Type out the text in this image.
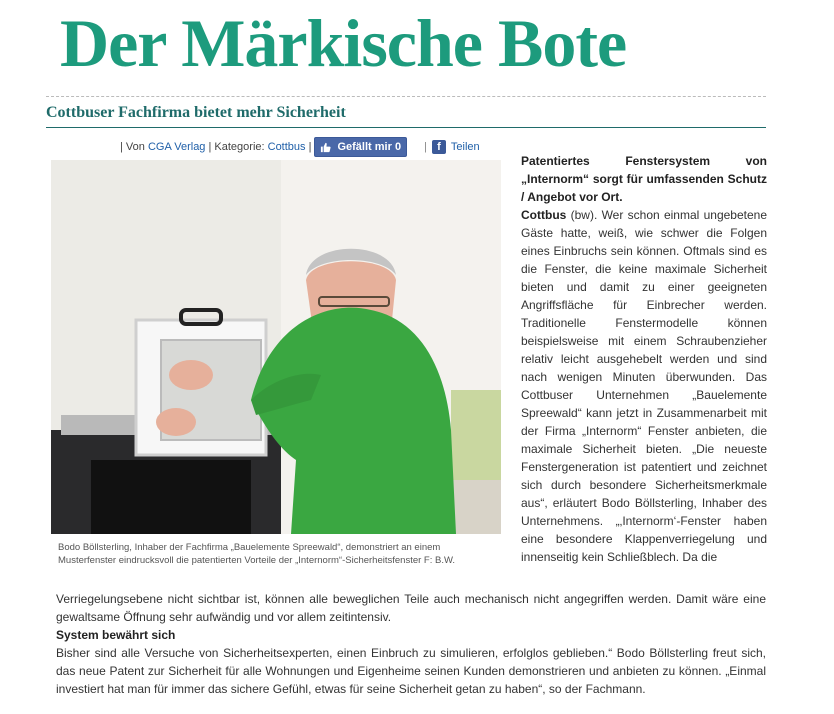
Der Märkische Bote
Cottbuser Fachfirma bietet mehr Sicherheit
| Von
CGA Verlag
| Kategorie:
Cottbus
| Gefällt mir
0 | f Teilen
Bodo Böllsterling, Inhaber der Fachfirma „Bauelemente Spreewald“, demonstriert an einem Musterfenster eindrucksvoll die patentierten Vorteile der „Internorm“-Sicherheitsfenster F: B.W.
Patentiertes Fenstersystem von „Internorm“ sorgt für umfassenden Schutz / Angebot vor Ort.
Cottbus (bw). Wer schon einmal ungebetene Gäste hatte, weiß, wie schwer die Folgen eines Einbruchs sein können. Oftmals sind es die Fenster, die keine maximale Sicherheit bieten und damit zu einer geeigneten Angriffsfläche für Einbrecher werden. Traditionelle Fenstermodelle können beispielsweise mit einem Schraubenzieher relativ leicht ausgehebelt werden und sind nach wenigen Minuten überwunden. Das Cottbuser Unternehmen „Bauelemente Spreewald“ kann jetzt in Zusammenarbeit mit der Firma „Internorm“ Fenster anbieten, die maximale Sicherheit bieten. „Die neueste Fenstergeneration ist patentiert und zeichnet sich durch besondere Sicherheitsmerkmale aus“, erläutert Bodo Böllsterling, Inhaber des Unternehmens. „‚Internorm‘-Fenster haben eine besondere Klappenverriegelung und innenseitig kein Schließblech. Da die

Verriegelungsebene nicht sichtbar ist, können alle beweglichen Teile auch mechanisch nicht angegriffen werden. Damit wäre eine gewaltsame Öffnung sehr aufwändig und vor allem zeitintensiv.

System bewährt sich

Bisher sind alle Versuche von Sicherheitsexperten, einen Einbruch zu simulieren, erfolglos geblieben.“ Bodo Böllsterling freut sich, das neue Patent zur Sicherheit für alle Wohnungen und Eigenheime seinen Kunden demonstrieren und anbieten zu können. „Einmal investiert hat man für immer das sichere Gefühl, etwas für seine Sicherheit getan zu haben“, so der Fachmann.
